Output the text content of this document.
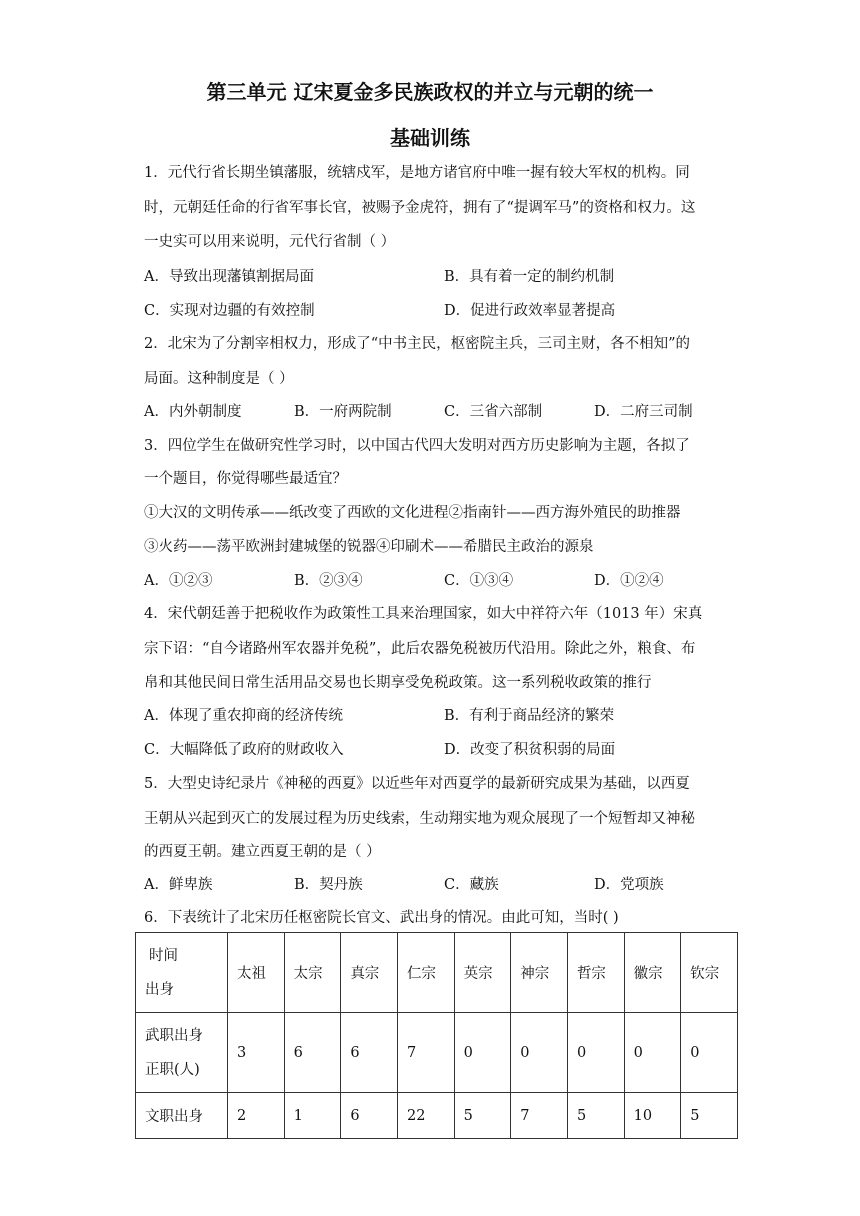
第三单元 辽宋夏金多民族政权的并立与元朝的统一
基础训练
1．元代行省长期坐镇藩服，统辖戍军，是地方诸官府中唯一握有较大军权的机构。同
时，元朝廷任命的行省军事长官，被赐予金虎符，拥有了“提调军马”的资格和权力。这
一史实可以用来说明，元代行省制（ ）
A．导致出现藩镇割据局面	B．具有着一定的制约机制
C．实现对边疆的有效控制	D．促进行政效率显著提高
2．北宋为了分割宰相权力，形成了“中书主民，枢密院主兵，三司主财，各不相知”的
局面。这种制度是（ ）
A．内外朝制度	B．一府两院制	C．三省六部制	D．二府三司制
3．四位学生在做研究性学习时，以中国古代四大发明对西方历史影响为主题，各拟了
一个题目，你觉得哪些最适宜？
①大汉的文明传承——纸改变了西欧的文化进程②指南针——西方海外殖民的助推器
③火药——荡平欧洲封建城堡的锐器④印刷术——希腊民主政治的源泉
A．①②③	B．②③④	C．①③④	D．①②④
4．宋代朝廷善于把税收作为政策性工具来治理国家，如大中祥符六年（1013 年）宋真
宗下诏：“自今诸路州军农器并免税”，此后农器免税被历代沿用。除此之外，粮食、布
帛和其他民间日常生活用品交易也长期享受免税政策。这一系列税收政策的推行
A．体现了重农抑商的经济传统	B．有利于商品经济的繁荣
C．大幅降低了政府的财政收入	D．改变了积贫积弱的局面
5．大型史诗纪录片《神秘的西夏》以近些年对西夏学的最新研究成果为基础，以西夏
王朝从兴起到灭亡的发展过程为历史线索，生动翔实地为观众展现了一个短暂却又神秘
的西夏王朝。建立西夏王朝的是（ ）
A．鲜卑族	B．契丹族	C．藏族	D．党项族
6．下表统计了北宋历任枢密院长官文、武出身的情况。由此可知，当时( )
时间
出身	太祖	太宗	真宗	仁宗	英宗	神宗	哲宗	徽宗	钦宗

武职出身
正职(人)	3	6	6	7	0	0	0	0	0
文职出身	2	1	6	22	5	7	5	10	5
